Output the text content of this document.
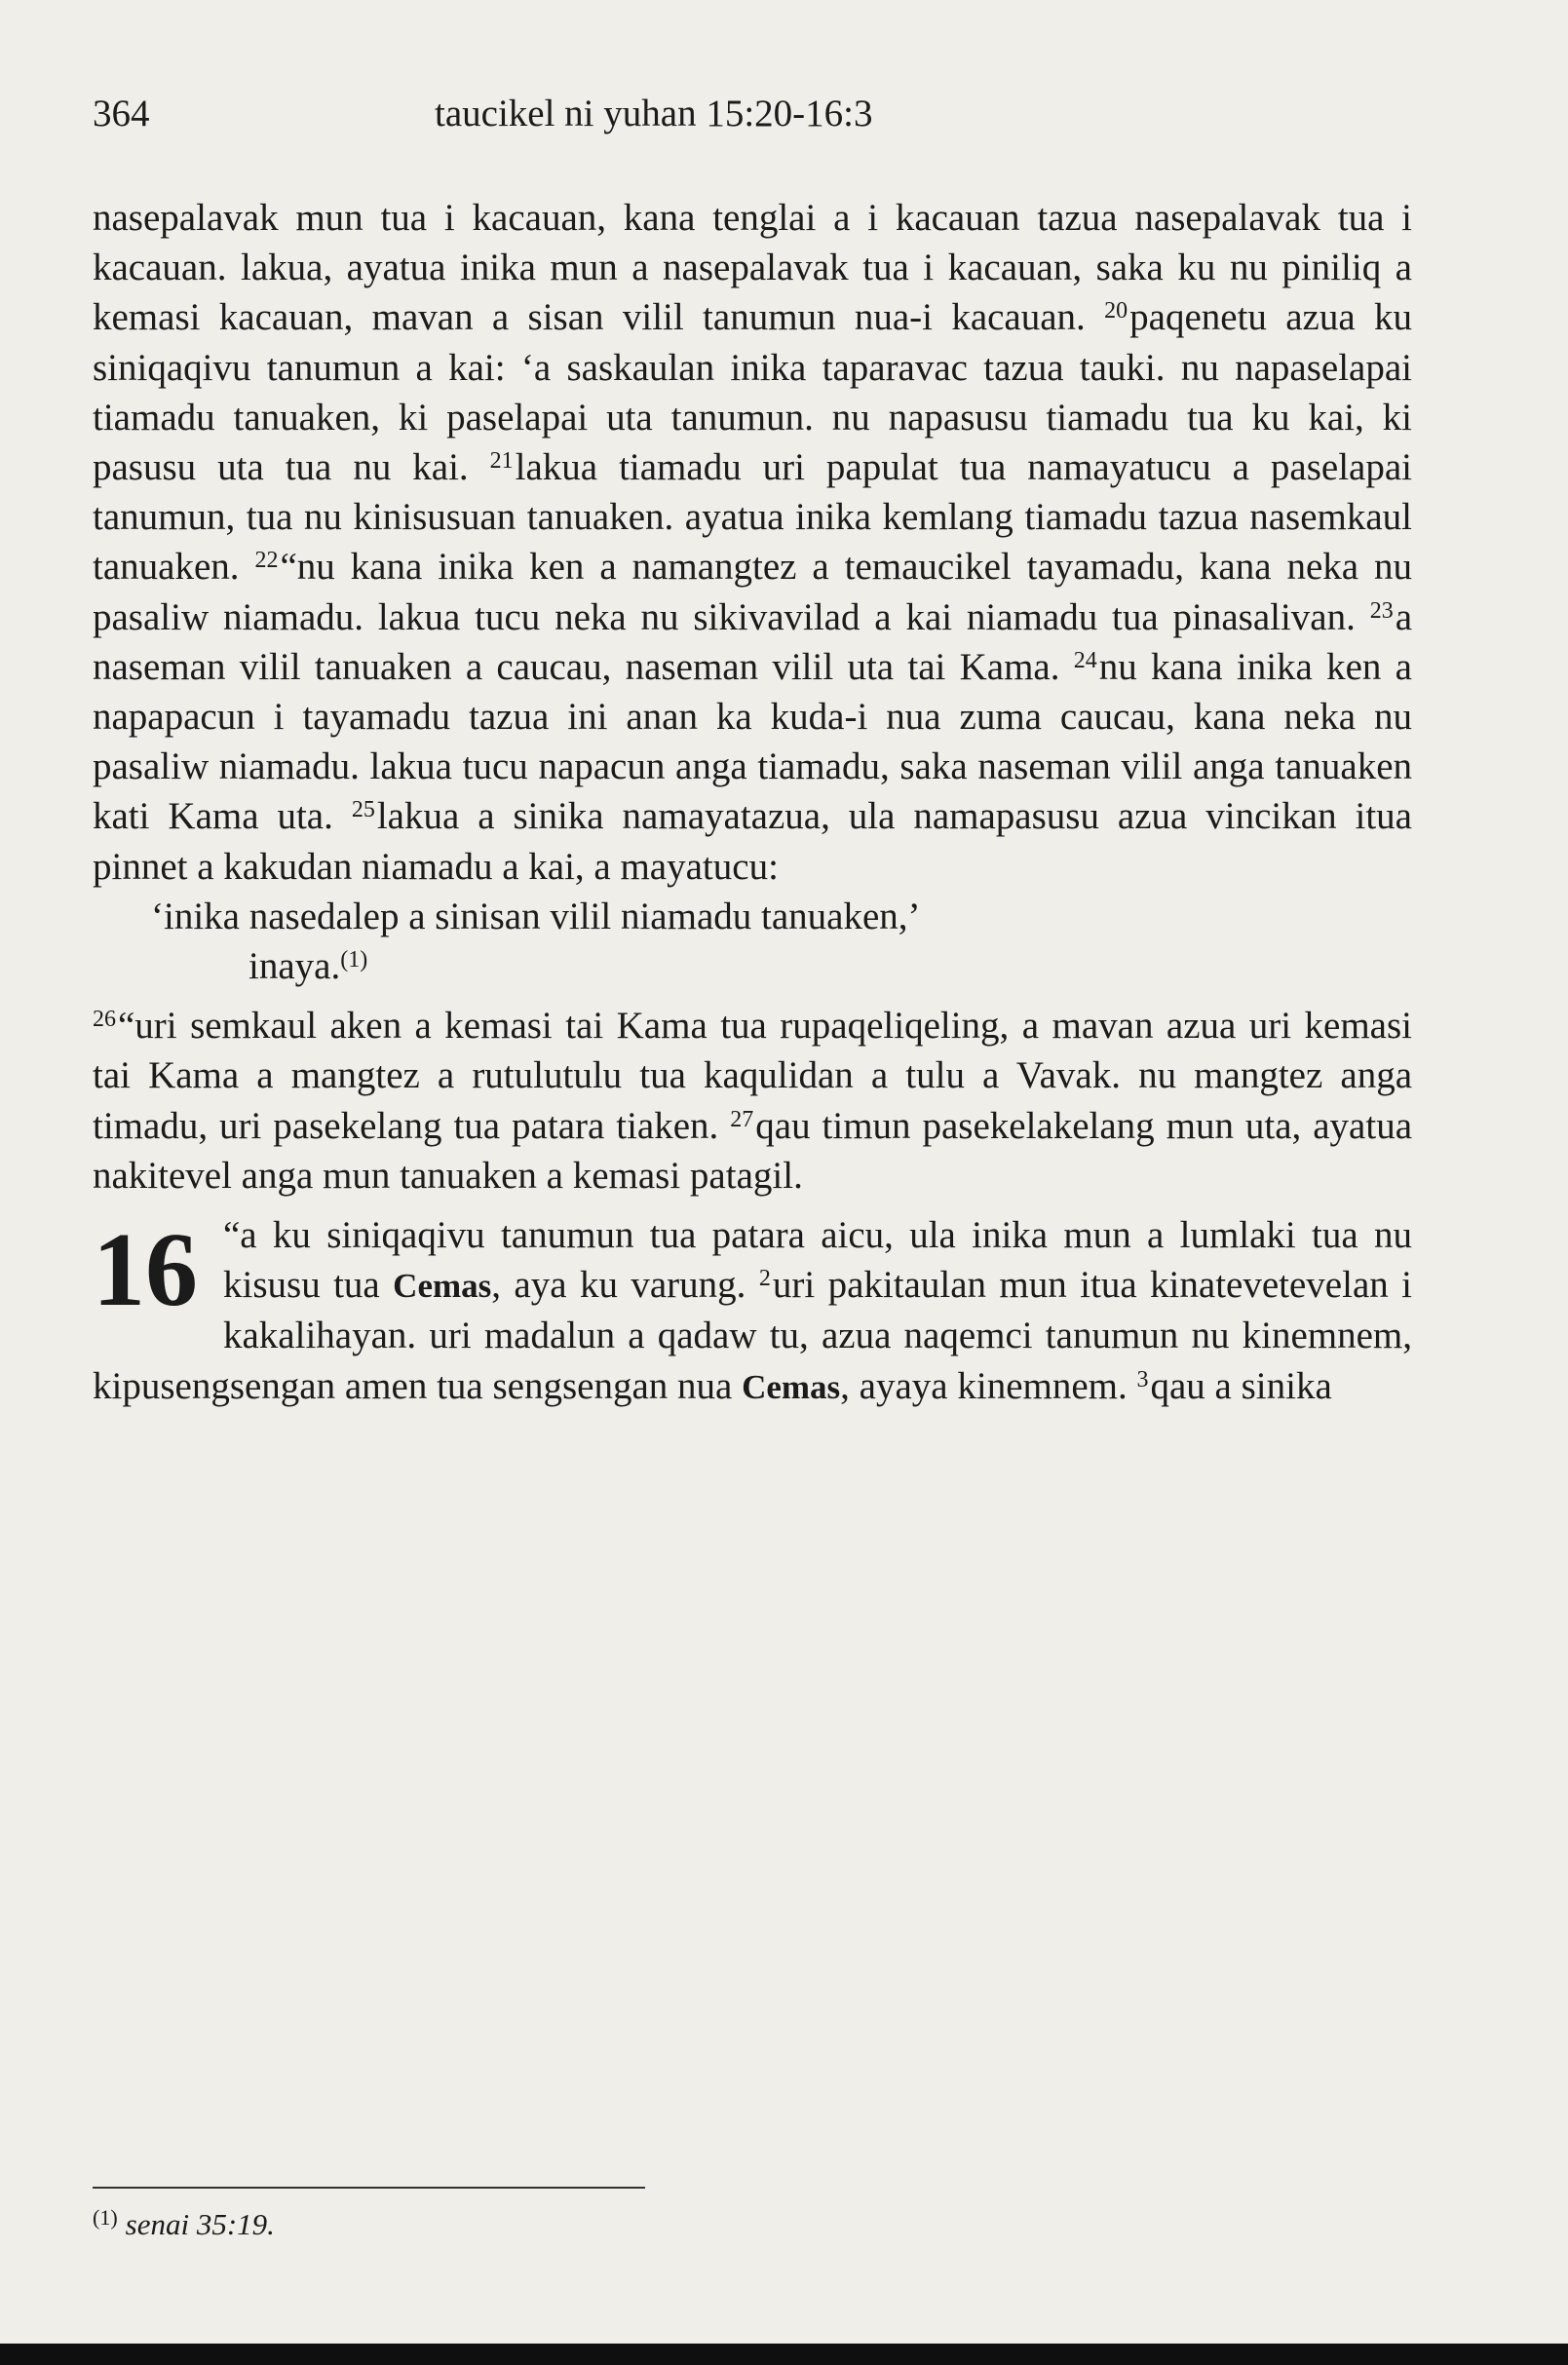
364	taucikel ni yuhan 15:20-16:3

nasepalavak mun tua i kacauan, kana tenglai a i kacauan tazua nasepalavak tua i kacauan. lakua, ayatua inika mun a nasepalavak tua i kacauan, saka ku nu piniliq a kemasi kacauan, mavan a sisan vilil tanumun nua-i kacauan. $^{20}$paqenetu azua ku siniqaqivu tanumun a kai: ‘a saskaulan inika taparavac tazua tauki. nu napaselapai tiamadu tanuaken, ki paselapai uta tanumun. nu napasusu tiamadu tua ku kai, ki pasusu uta tua nu kai. $^{21}$lakua tiamadu uri papulat tua namayatucu a paselapai tanumun, tua nu kinisusuan tanuaken. ayatua inika kemlang tiamadu tazua nasemkaul tanuaken. $^{22}$“nu kana inika ken a namangtez a temaucikel tayamadu, kana neka nu pasaliw niamadu. lakua tucu neka nu sikivavilad a kai niamadu tua pinasalivan. $^{23}$a naseman vilil tanuaken a caucau, naseman vilil uta tai Kama. $^{24}$nu kana inika ken a napapacun i tayamadu tazua ini anan ka kuda-i nua zuma caucau, kana neka nu pasaliw niamadu. lakua tucu napacun anga tiamadu, saka naseman vilil anga tanuaken kati Kama uta. $^{25}$lakua a sinika namayatazua, ula namapasusu azua vincikan itua pinnet a kakudan niamadu a kai, a mayatucu:

‘inika nasedalep a sinisan vilil niamadu tanuaken,’
inaya.$^{(1)}$

$^{26}$“uri semkaul aken a kemasi tai Kama tua rupaqeliqeling, a mavan azua uri kemasi tai Kama a mangtez a rutulutulu tua kaqulidan a tulu a Vavak. nu mangtez anga timadu, uri pasekelang tua patara tiaken. $^{27}$qau timun pasekelakelang mun uta, ayatua nakitevel anga mun tanuaken a kemasi patagil.

16 “a ku siniqaqivu tanumun tua patara aicu, ula inika mun a lumlaki tua nu kisusu tua Cemas, aya ku varung. $^2$uri pakitaulan mun itua kinatevetevelan i kakalihayan. uri madalun a qadaw tu, azua naqemci tanumun nu kinemnem, kipusengsengan amen tua sengsengan nua Cemas, ayaya kinemnem. $^3$qau a sinika

$^{(1)}$ senai 35:19.
